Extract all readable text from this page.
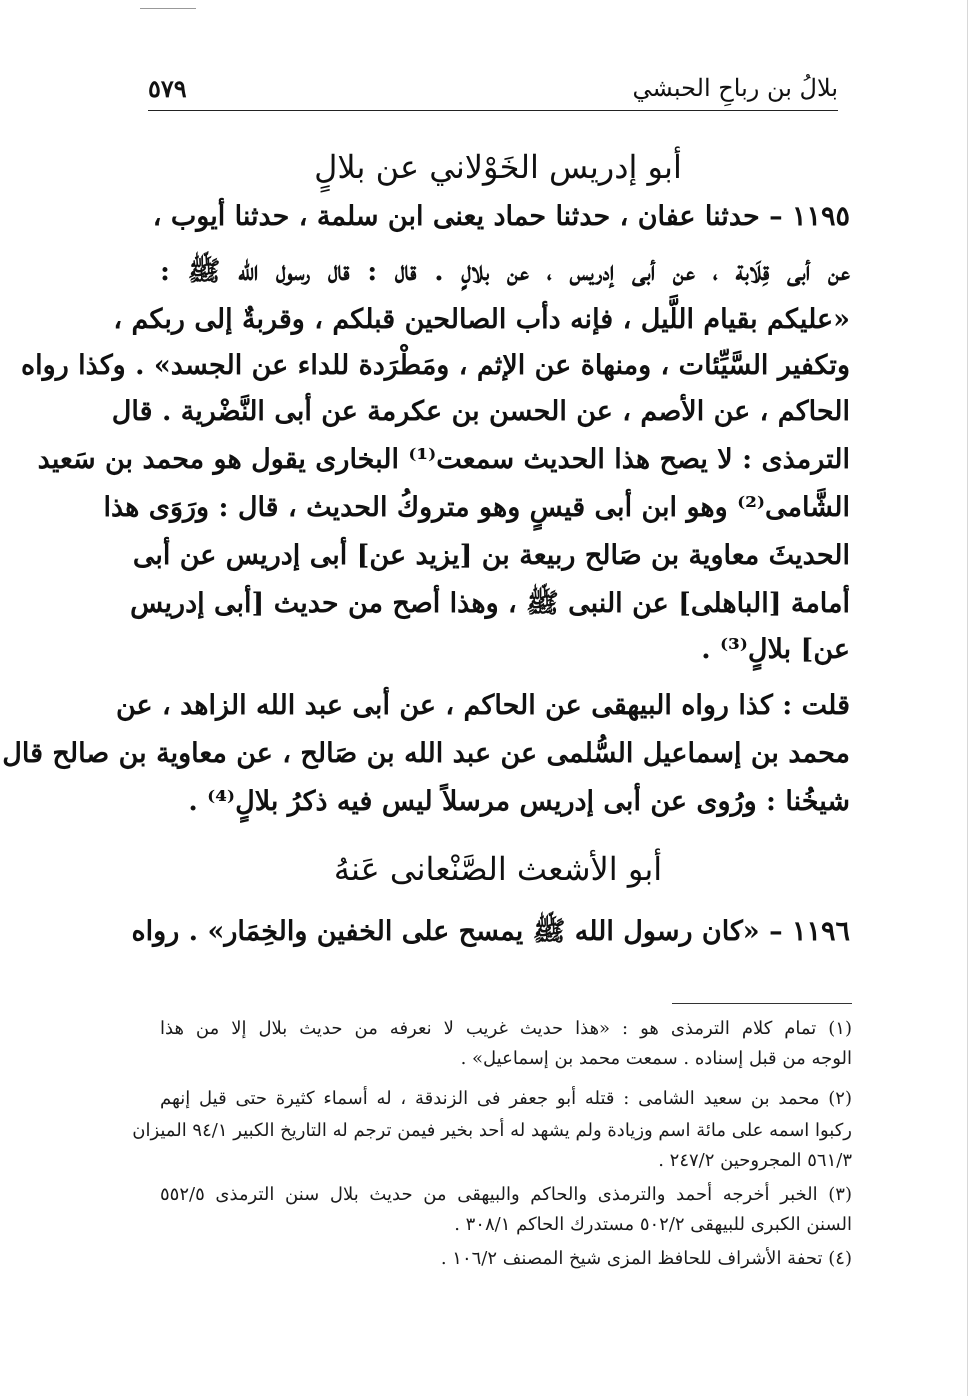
بلالُ بن رباحِ الحبشي
٥٧٩
أبو إدريس الخَوْلاني عن بلالٍ
١١٩٥ – حدثنا عفان ، حدثنا حماد يعنى ابن سلمة ، حدثنا أيوب ،
عن أبى قِلَابة ، عن أبى إدريس ، عن بلالٍ . قال : قال رسول الله ﷺ :
«عليكم بقيام اللَّيل ، فإنه دأب الصالحين قبلكم ، وقربةٌ إلى ربكم ،
وتكفير السَّيِّئات ، ومنهاة عن الإثم ، ومَطْرَدة للداء عن الجسد» . وكذا رواه
الحاكم ، عن الأصم ، عن الحسن بن عكرمة عن أبى النَّضْرية . قال
الترمذى : لا يصح هذا الحديث سمعت⁽¹⁾ البخارى يقول هو محمد بن سَعيد
الشَّامى⁽²⁾ وهو ابن أبى قيسٍ وهو متروكُ الحديث ، قال : ورَوَى هذا
الحديثَ معاوية بن صَالح ربيعة بن [يزيد عن] أبى إدريس عن أبى
أمامة [الباهلى] عن النبى ﷺ ، وهذا أصح من حديث [أبى إدريس
عن] بلالٍ⁽³⁾ .
قلت : كذا رواه البيهقى عن الحاكم ، عن أبى عبد الله الزاهد ، عن
محمد بن إسماعيل السُّلمى عن عبد الله بن صَالح ، عن معاوية بن صالح قال
شيخُنا : ورُوى عن أبى إدريس مرسلاً ليس فيه ذكرُ بلالٍ⁽⁴⁾ .
أبو الأشعث الصَّنْعانى عَنهُ
١١٩٦ – «كان رسول الله ﷺ يمسح على الخفين والخِمَار» . رواه
(١) تمام كلام الترمذى هو : «هذا حديث غريب لا نعرفه من حديث بلال إلا من هذا
الوجه من قبل إسناده . سمعت محمد بن إسماعيل» .
(٢) محمد بن سعيد الشامى : قتله أبو جعفر فى الزندقة ، له أسماء كثيرة حتى قيل إنهم
ركبوا اسمه على مائة اسم وزيادة ولم يشهد له أحد بخير فيمن ترجم له التاريخ الكبير ٩٤/١ الميزان
٥٦١/٣ المجروحين ٢٤٧/٢ .
(٣) الخبر أخرجه أحمد والترمذى والحاكم والبيهقى من حديث بلال سنن الترمذى ٥٥٢/٥
السنن الكبرى للبيهقى ٥٠٢/٢ مستدرك الحاكم ٣٠٨/١ .
(٤) تحفة الأشراف للحافظ المزى شيخ المصنف ١٠٦/٢ .
